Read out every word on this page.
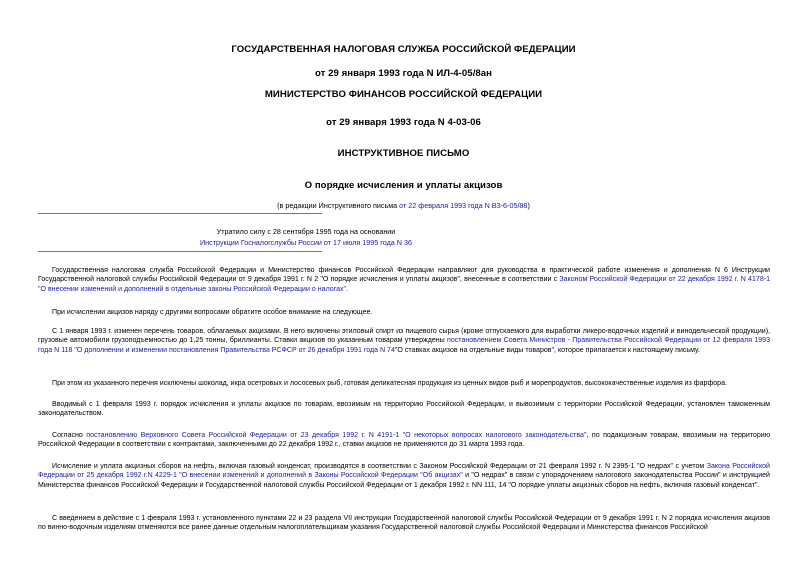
ГОСУДАРСТВЕННАЯ НАЛОГОВАЯ СЛУЖБА РОССИЙСКОЙ ФЕДЕРАЦИИ
от 29 января 1993 года N ИЛ-4-05/8ан
МИНИСТЕРСТВО ФИНАНСОВ РОССИЙСКОЙ ФЕДЕРАЦИИ
от 29 января 1993 года N 4-03-06
ИНСТРУКТИВНОЕ ПИСЬМО
О порядке исчисления и уплаты акцизов
(в редакции Инструктивного письма от 22 февраля 1993 года N ВЗ-6-05/88)
Утратило силу с 28 сентября 1995 года на основании
Инструкции Госналогслужбы России от 17 июля 1995 года N 36
Государственная налоговая служба Российской Федерации и Министерство финансов Российской Федерации направляют для руководства в практической работе изменения и дополнения N 6 Инструкции Государственной налоговой службы Российской Федерации от 9 декабря 1991 г. N 2 "О порядке исчисления и уплаты акцизов", внесенные в соответствии с Законом Российской Федерации от 22 декабря 1992 г. N 4178-1 "О внесении изменений и дополнений в отдельные законы Российской Федерации о налогах".
При исчислении акцизов наряду с другими вопросами обратите особое внимание на следующее.
С 1 января 1993 г. изменен перечень товаров, облагаемых акцизами. В него включены этиловый спирт из пищевого сырья (кроме отпускаемого для выработки ликеро-водочных изделий и винодельческой продукции), грузовые автомобили грузоподъемностью до 1,25 тонны, бриллианты. Ставки акцизов по указанным товарам утверждены постановлением Совета Министров - Правительства Российской Федерации от 12 февраля 1993 года N 118 "О дополнении и изменении постановления Правительства РСФСР от 26 декабря 1991 года N 74"О ставках акцизов на отдельные виды товаров", которое прилагается к настоящему письму.
При этом из указанного перечня исключены шоколад, икра осетровых и лососевых рыб, готовая деликатесная продукция из ценных видов рыб и морепродуктов, высококачественные изделия из фарфора.
Вводимый с 1 февраля 1993 г. порядок исчисления и уплаты акцизов по товарам, ввозимым на территорию Российской Федерации, и вывозимым с территории Российской Федерации, установлен таможенным законодательством.
Согласно постановлению Верховного Совета Российской Федерации от 23 декабря 1992 г. N 4191-1 "О некоторых вопросах налогового законодательства", по подакцизным товарам, ввозимым на территорию Российской Федерации в соответствии с контрактами, заключенными до 22 декабря 1992 г., ставки акцизов не применяются до 31 марта 1993 года.
Исчисление и уплата акцизных сборов на нефть, включая газовый конденсат, производятся в соответствии с Законом Российской Федерации от 21 февраля 1992 г. N 2395-1 "О недрах" с учетом Закона Российской Федерации от 25 декабря 1992 г.N 4229-1 "О внесении изменений и дополнений в Законы Российской Федерации "Об акцизах" и "О недрах" в связи с упорядочением налогового законодательства России" и инструкцией Министерства финансов Российской Федерации и Государственной налоговой службы Российской Федерации от 1 декабря 1992 г. NN 111, 14 "О порядке уплаты акцизных сборов на нефть, включая газовый конденсат".
С введением в действие с 1 февраля 1993 г. установленного пунктами 22 и 23 раздела VII инструкции Государственной налоговой службы Российской Федерации от 9 декабря 1991 г. N 2 порядка исчисления акцизов по винно-водочным изделиям отменяются все ранее данные отдельным налогоплательщикам указания Государственной налоговой службы Российской Федерации и Министерства финансов Российской
